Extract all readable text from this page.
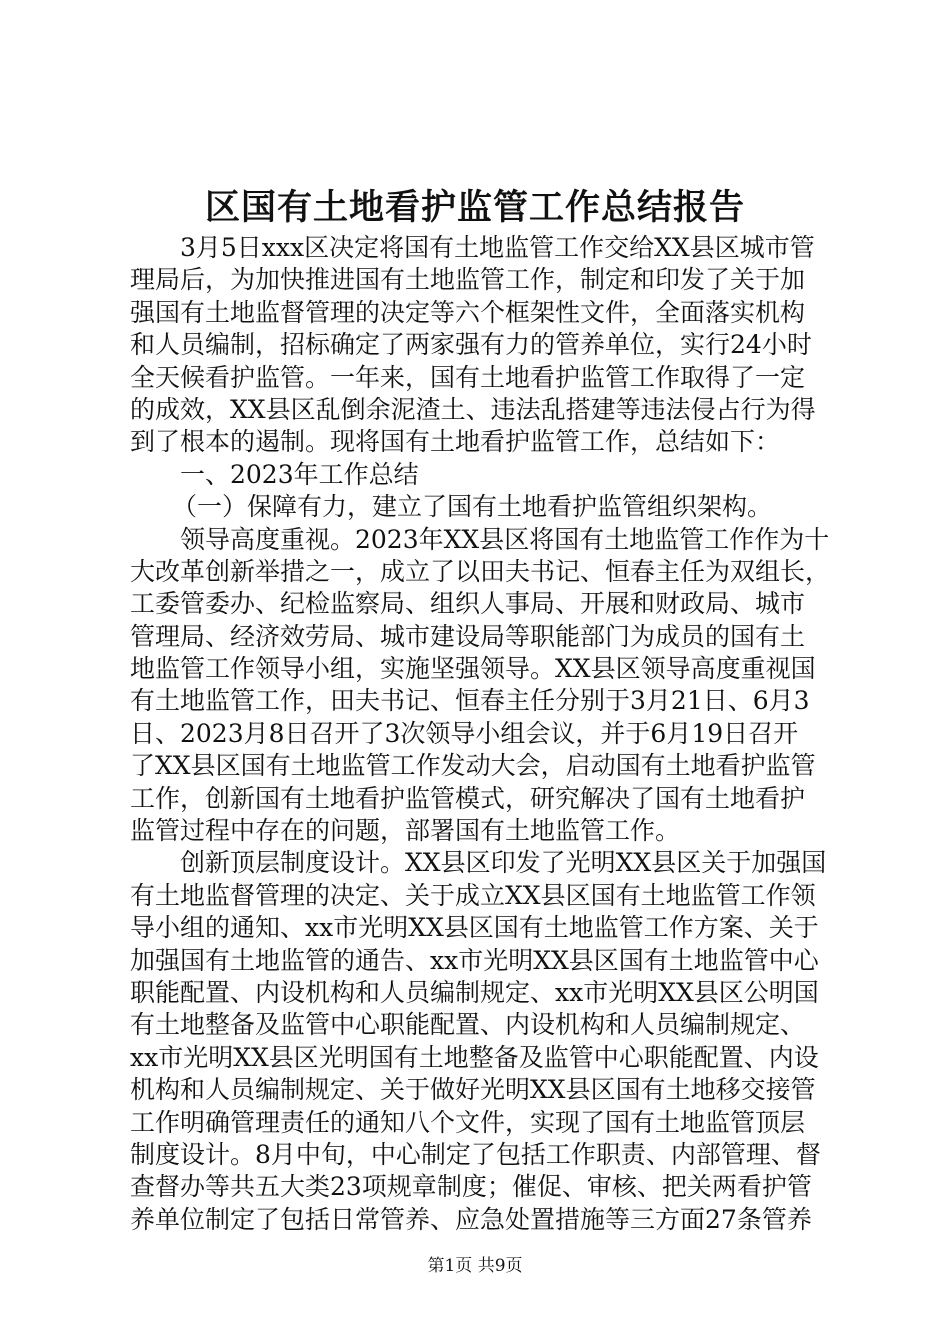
区国有土地看护监管工作总结报告
3月5日xxx区决定将国有土地监管工作交给XX县区城市管
理局后，为加快推进国有土地监管工作，制定和印发了关于加
强国有土地监督管理的决定等六个框架性文件，全面落实机构
和人员编制，招标确定了两家强有力的管养单位，实行24小时
全天候看护监管。一年来，国有土地看护监管工作取得了一定
的成效，XX县区乱倒余泥渣土、违法乱搭建等违法侵占行为得
到了根本的遏制。现将国有土地看护监管工作，总结如下：
一、2023年工作总结
（一）保障有力，建立了国有土地看护监管组织架构。
领导高度重视。2023年XX县区将国有土地监管工作作为十
大改革创新举措之一，成立了以田夫书记、恒春主任为双组长，
工委管委办、纪检监察局、组织人事局、开展和财政局、城市
管理局、经济效劳局、城市建设局等职能部门为成员的国有土
地监管工作领导小组，实施坚强领导。XX县区领导高度重视国
有土地监管工作，田夫书记、恒春主任分别于3月21日、6月3
日、2023月8日召开了3次领导小组会议，并于6月19日召开
了XX县区国有土地监管工作发动大会，启动国有土地看护监管
工作，创新国有土地看护监管模式，研究解决了国有土地看护
监管过程中存在的问题，部署国有土地监管工作。
创新顶层制度设计。XX县区印发了光明XX县区关于加强国
有土地监督管理的决定、关于成立XX县区国有土地监管工作领
导小组的通知、xx市光明XX县区国有土地监管工作方案、关于
加强国有土地监管的通告、xx市光明XX县区国有土地监管中心
职能配置、内设机构和人员编制规定、xx市光明XX县区公明国
有土地整备及监管中心职能配置、内设机构和人员编制规定、
xx市光明XX县区光明国有土地整备及监管中心职能配置、内设
机构和人员编制规定、关于做好光明XX县区国有土地移交接管
工作明确管理责任的通知八个文件，实现了国有土地监管顶层
制度设计。8月中旬，中心制定了包括工作职责、内部管理、督
查督办等共五大类23项规章制度；催促、审核、把关两看护管
养单位制定了包括日常管养、应急处置措施等三方面27条管养
第1页 共9页
